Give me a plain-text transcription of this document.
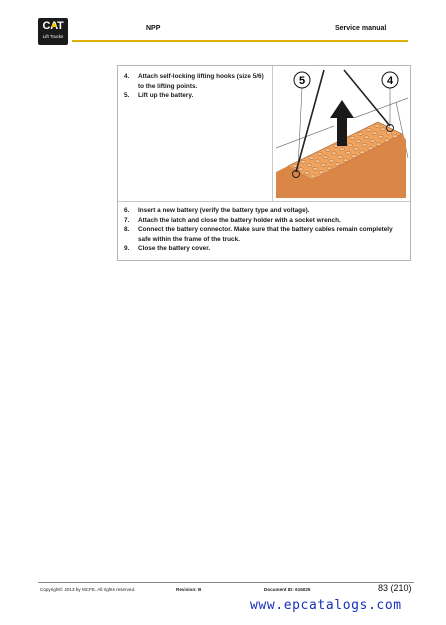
CAT
Lift Trucks
NPP	Service manual
4. Attach self-locking lifting hooks (size 5/6) to the lifting points.
5. Lift up the battery.
5	4
6. Insert a new battery (verify the battery type and voltage).
7. Attach the latch and close the battery holder with a socket wrench.
8. Connect the battery connector. Make sure that the battery cables remain completely safe within the frame of the truck.
9. Close the battery cover.
Copyright© 2013 by MCFE. All rights reserved.	Revision: B	Document ID: 615025	83 (210)
www.epcatalogs.com
